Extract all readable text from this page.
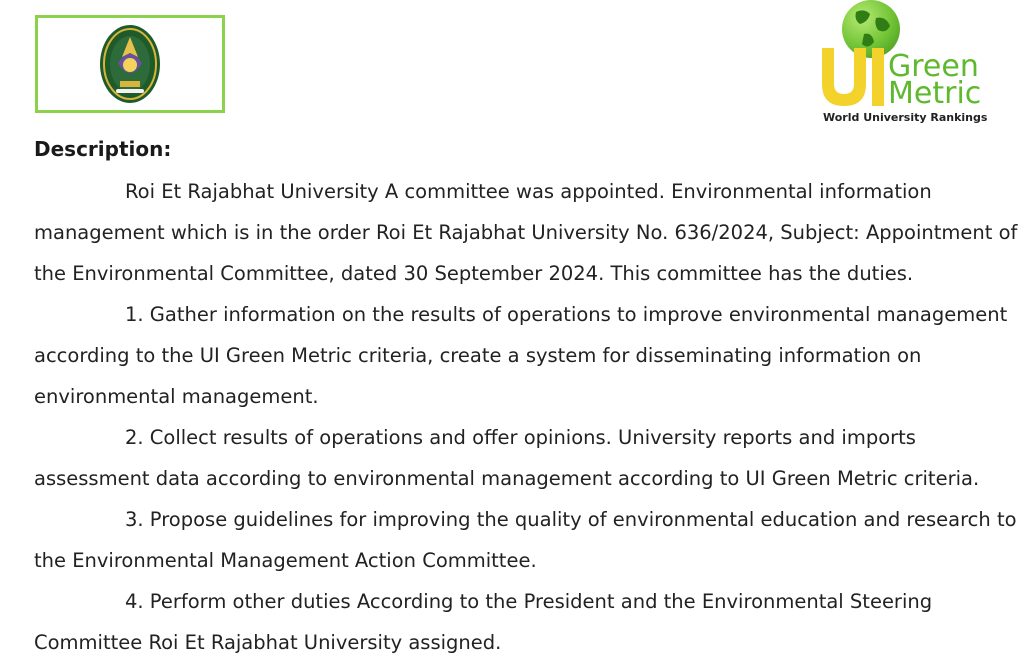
Green
Metric
World University Rankings
Description:
Roi Et Rajabhat University A committee was appointed. Environmental information
management which is in the order Roi Et Rajabhat University No. 636/2024, Subject: Appointment of
the Environmental Committee, dated 30 September 2024. This committee has the duties.
1. Gather information on the results of operations to improve environmental management
according to the UI Green Metric criteria, create a system for disseminating information on
environmental management.
2. Collect results of operations and offer opinions. University reports and imports
assessment data according to environmental management according to UI Green Metric criteria.
3. Propose guidelines for improving the quality of environmental education and research to
the Environmental Management Action Committee.
4. Perform other duties According to the President and the Environmental Steering
Committee Roi Et Rajabhat University assigned.
